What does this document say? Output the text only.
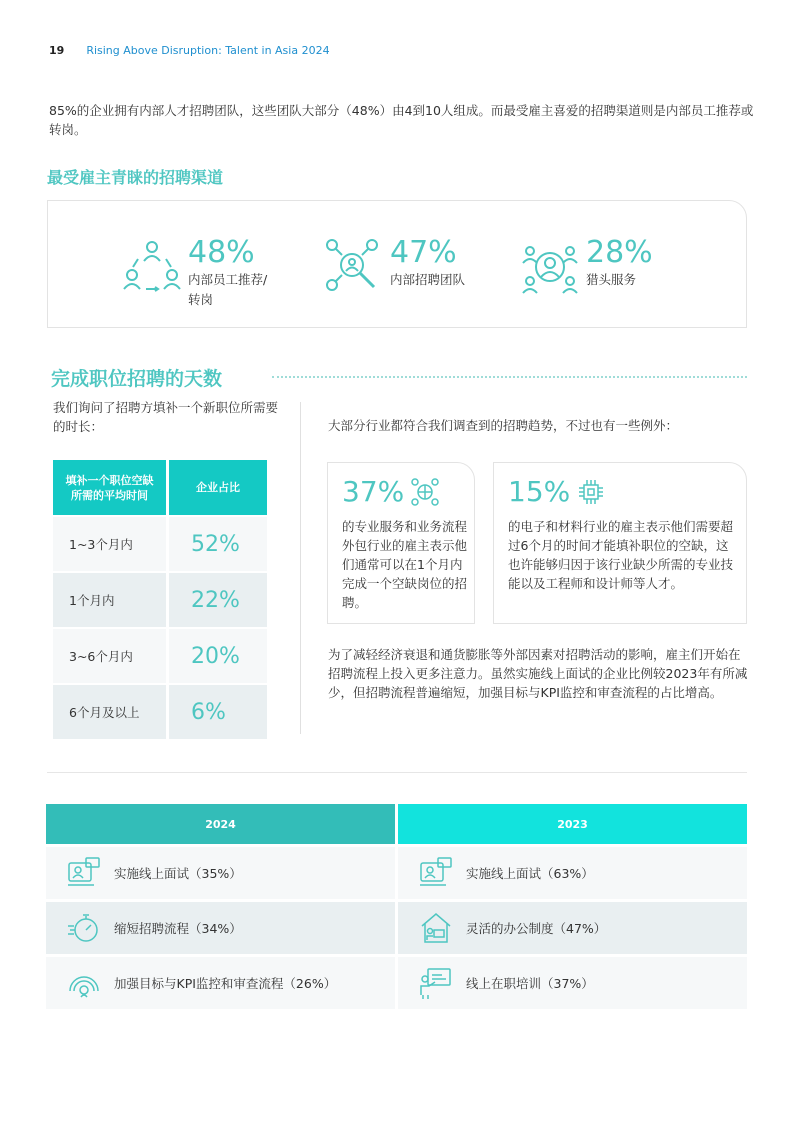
19 Rising Above Disruption: Talent in Asia 2024

85%的企业拥有内部人才招聘团队，这些团队大部分（48%）由4到10人组成。而最受雇主喜爱的招聘渠道则是内部员工推荐或转岗。

最受雇主青睐的招聘渠道
48%
内部员工推荐/
转岗
47%
内部招聘团队
28%
猎头服务
完成职位招聘的天数

我们询问了招聘方填补一个新职位所需要的时长：

填补一个职位空缺
所需的平均时间	企业占比
1~3个月内	52%
1个月内	22%
3~6个月内	20%
6个月及以上	6%

大部分行业都符合我们调查到的招聘趋势，不过也有一些例外：

37%

的专业服务和业务流程外包行业的雇主表示他们通常可以在1个月内完成一个空缺岗位的招聘。

15%

的电子和材料行业的雇主表示他们需要超过6个月的时间才能填补职位的空缺，这也许能够归因于该行业缺少所需的专业技能以及工程师和设计师等人才。

为了减轻经济衰退和通货膨胀等外部因素对招聘活动的影响，雇主们开始在招聘流程上投入更多注意力。虽然实施线上面试的企业比例较2023年有所减少，但招聘流程普遍缩短，加强目标与KPI监控和审查流程的占比增高。

2024	2023
实施线上面试（35%）	实施线上面试（63%）
缩短招聘流程（34%）	灵活的办公制度（47%）
加强目标与KPI监控和审查流程（26%）	线上在职培训（37%）
